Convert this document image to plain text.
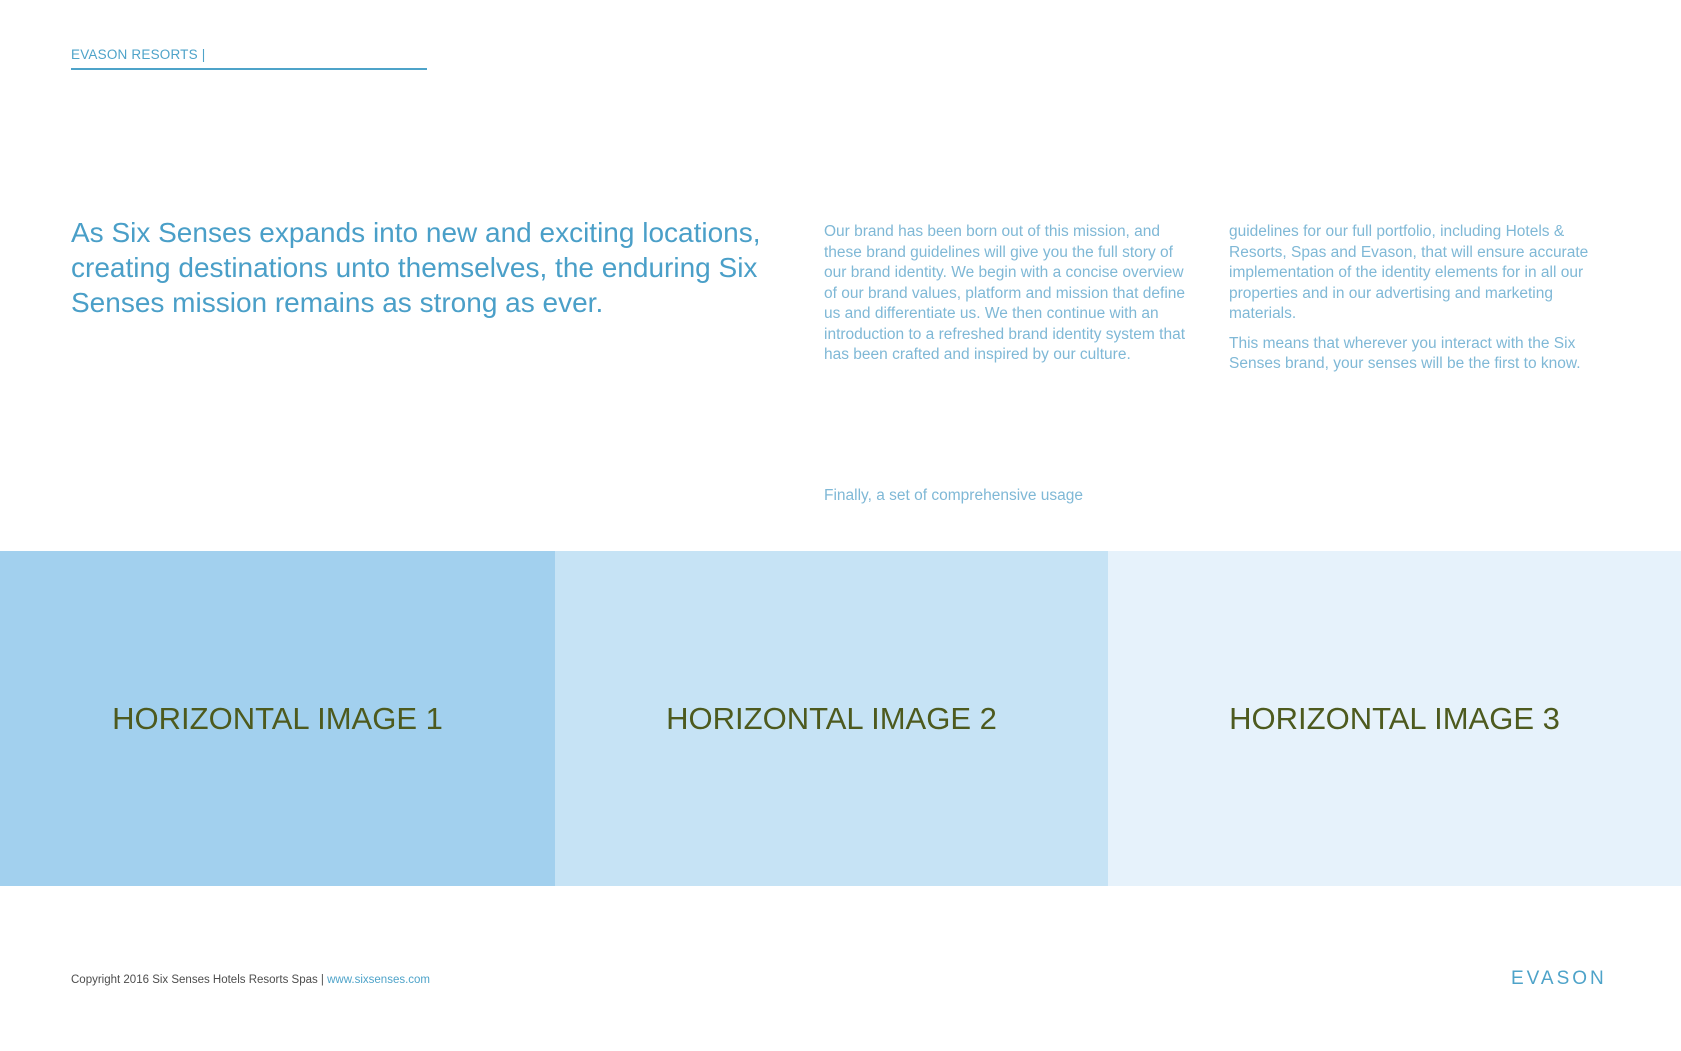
EVASON RESORTS |
As Six Senses expands into new and exciting locations, creating destinations unto themselves, the enduring Six Senses mission remains as strong as ever.

Our brand has been born out of this mission, and these brand guidelines will give you the full story of our brand identity. We begin with a concise overview of our brand values, platform and mission that define us and differentiate us. We then continue with an introduction to a refreshed brand identity system that has been crafted and inspired by our culture.

Finally, a set of comprehensive usage

guidelines for our full portfolio, including Hotels & Resorts, Spas and Evason, that will ensure accurate implementation of the identity elements for in all our properties and in our advertising and marketing materials.

This means that wherever you interact with the Six Senses brand, your senses will be the first to know.

HORIZONTAL IMAGE 1	HORIZONTAL IMAGE 2	HORIZONTAL IMAGE 3
Copyright 2016 Six Senses Hotels Resorts Spas | www.sixsenses.com	EVASON
